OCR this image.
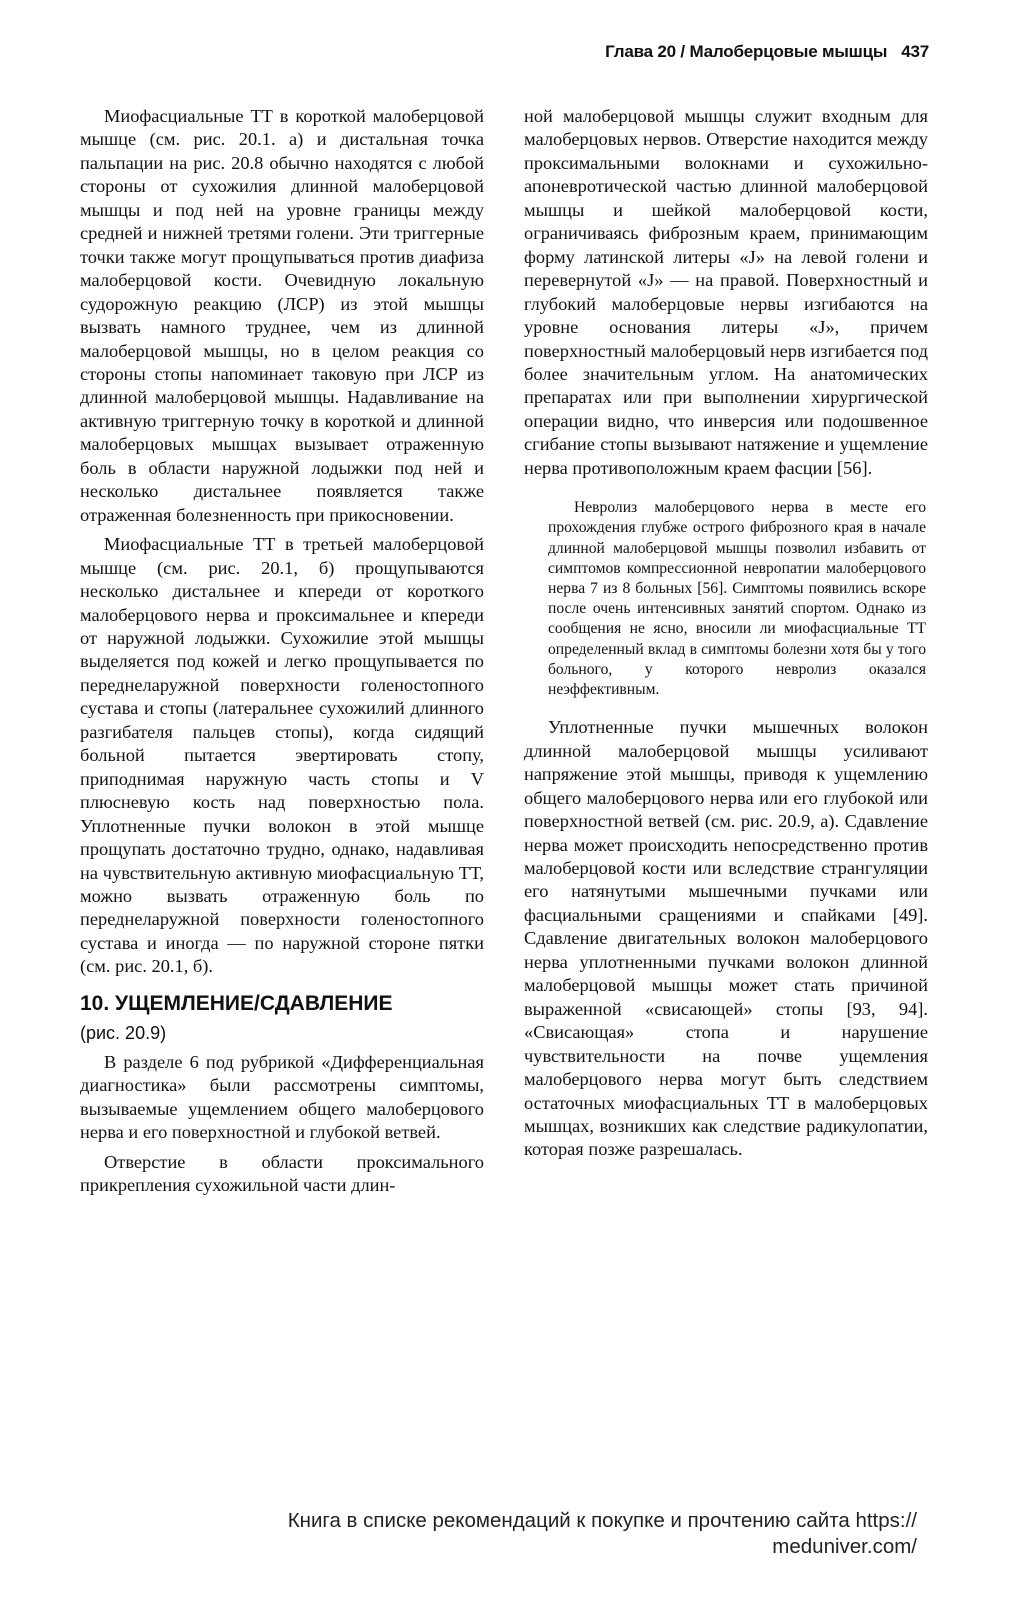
Глава 20 / Малоберцовые мышцы 437

Миофасциальные ТТ в короткой малоберцовой мышце (см. рис. 20.1. а) и дистальная точка пальпации на рис. 20.8 обычно находятся с любой стороны от сухожилия длинной малоберцовой мышцы и под ней на уровне границы между средней и нижней третями голени. Эти триггерные точки также могут прощупываться против диафиза малоберцовой кости. Очевидную локальную судорожную реакцию (ЛСР) из этой мышцы вызвать намного труднее, чем из длинной малоберцовой мышцы, но в целом реакция со стороны стопы напоминает таковую при ЛСР из длинной малоберцовой мышцы. Надавливание на активную триггерную точку в короткой и длинной малоберцовых мышцах вызывает отраженную боль в области наружной лодыжки под ней и несколько дистальнее появляется также отраженная болезненность при прикосновении.

Миофасциальные ТТ в третьей малоберцовой мышце (см. рис. 20.1, б) прощупываются несколько дистальнее и кпереди от короткого малоберцового нерва и проксимальнее и кпереди от наружной лодыжки. Сухожилие этой мышцы выделяется под кожей и легко прощупывается по переднеларужной поверхности голеностопного сустава и стопы (латеральнее сухожилий длинного разгибателя пальцев стопы), когда сидящий больной пытается эвертировать стопу, приподнимая наружную часть стопы и V плюсневую кость над поверхностью пола. Уплотненные пучки волокон в этой мышце прощупать достаточно трудно, однако, надавливая на чувствительную активную миофасциальную ТТ, можно вызвать отраженную боль по переднеларужной поверхности голеностопного сустава и иногда — по наружной стороне пятки (см. рис. 20.1, б).

10. УЩЕМЛЕНИЕ/СДАВЛЕНИЕ
(рис. 20.9)

В разделе 6 под рубрикой «Дифференциальная диагностика» были рассмотрены симптомы, вызываемые ущемлением общего малоберцового нерва и его поверхностной и глубокой ветвей.

Отверстие в области проксимального прикрепления сухожильной части длин-

ной малоберцовой мышцы служит входным для малоберцовых нервов. Отверстие находится между проксимальными волокнами и сухожильно-апоневротической частью длинной малоберцовой мышцы и шейкой малоберцовой кости, ограничиваясь фиброзным краем, принимающим форму латинской литеры «J» на левой голени и перевернутой «J» — на правой. Поверхностный и глубокий малоберцовые нервы изгибаются на уровне основания литеры «J», причем поверхностный малоберцовый нерв изгибается под более значительным углом. На анатомических препаратах или при выполнении хирургической операции видно, что инверсия или подошвенное сгибание стопы вызывают натяжение и ущемление нерва противоположным краем фасции [56].

Невролиз малоберцового нерва в месте его прохождения глубже острого фиброзного края в начале длинной малоберцовой мышцы позволил избавить от симптомов компрессионной невропатии малоберцового нерва 7 из 8 больных [56]. Симптомы появились вскоре после очень интенсивных занятий спортом. Однако из сообщения не ясно, вносили ли миофасциальные ТТ определенный вклад в симптомы болезни хотя бы у того больного, у которого невролиз оказался неэффективным.

Уплотненные пучки мышечных волокон длинной малоберцовой мышцы усиливают напряжение этой мышцы, приводя к ущемлению общего малоберцового нерва или его глубокой или поверхностной ветвей (см. рис. 20.9, а). Сдавление нерва может происходить непосредственно против малоберцовой кости или вследствие странгуляции его натянутыми мышечными пучками или фасциальными сращениями и спайками [49]. Сдавление двигательных волокон малоберцового нерва уплотненными пучками волокон длинной малоберцовой мышцы может стать причиной выраженной «свисающей» стопы [93, 94]. «Свисающая» стопа и нарушение чувствительности на почве ущемления малоберцового нерва могут быть следствием остаточных миофасциальных ТТ в малоберцовых мышцах, возникших как следствие радикулопатии, которая позже разрешалась.

Книга в списке рекомендаций к покупке и прочтению сайта https://
meduniver.com/
